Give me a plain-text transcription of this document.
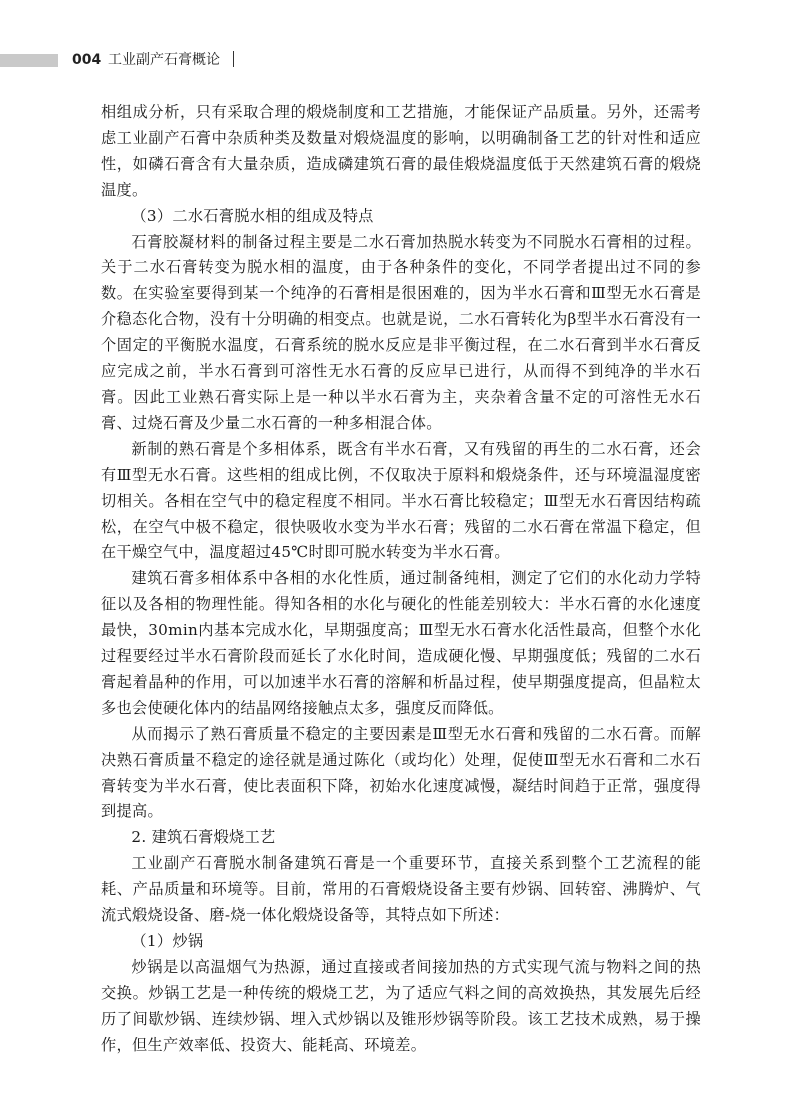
004 工业副产石膏概论

相组成分析，只有采取合理的煅烧制度和工艺措施，才能保证产品质量。另外，还需考虑工业副产石膏中杂质种类及数量对煅烧温度的影响，以明确制备工艺的针对性和适应性，如磷石膏含有大量杂质，造成磷建筑石膏的最佳煅烧温度低于天然建筑石膏的煅烧温度。

（3）二水石膏脱水相的组成及特点

石膏胶凝材料的制备过程主要是二水石膏加热脱水转变为不同脱水石膏相的过程。关于二水石膏转变为脱水相的温度，由于各种条件的变化，不同学者提出过不同的参数。在实验室要得到某一个纯净的石膏相是很困难的，因为半水石膏和Ⅲ型无水石膏是介稳态化合物，没有十分明确的相变点。也就是说，二水石膏转化为β型半水石膏没有一个固定的平衡脱水温度，石膏系统的脱水反应是非平衡过程，在二水石膏到半水石膏反应完成之前，半水石膏到可溶性无水石膏的反应早已进行，从而得不到纯净的半水石膏。因此工业熟石膏实际上是一种以半水石膏为主，夹杂着含量不定的可溶性无水石膏、过烧石膏及少量二水石膏的一种多相混合体。

新制的熟石膏是个多相体系，既含有半水石膏，又有残留的再生的二水石膏，还会有Ⅲ型无水石膏。这些相的组成比例，不仅取决于原料和煅烧条件，还与环境温湿度密切相关。各相在空气中的稳定程度不相同。半水石膏比较稳定；Ⅲ型无水石膏因结构疏松，在空气中极不稳定，很快吸收水变为半水石膏；残留的二水石膏在常温下稳定，但在干燥空气中，温度超过45℃时即可脱水转变为半水石膏。

建筑石膏多相体系中各相的水化性质，通过制备纯相，测定了它们的水化动力学特征以及各相的物理性能。得知各相的水化与硬化的性能差别较大：半水石膏的水化速度最快，30min内基本完成水化，早期强度高；Ⅲ型无水石膏水化活性最高，但整个水化过程要经过半水石膏阶段而延长了水化时间，造成硬化慢、早期强度低；残留的二水石膏起着晶种的作用，可以加速半水石膏的溶解和析晶过程，使早期强度提高，但晶粒太多也会使硬化体内的结晶网络接触点太多，强度反而降低。

从而揭示了熟石膏质量不稳定的主要因素是Ⅲ型无水石膏和残留的二水石膏。而解决熟石膏质量不稳定的途径就是通过陈化（或均化）处理，促使Ⅲ型无水石膏和二水石膏转变为半水石膏，使比表面积下降，初始水化速度减慢，凝结时间趋于正常，强度得到提高。

2. 建筑石膏煅烧工艺

工业副产石膏脱水制备建筑石膏是一个重要环节，直接关系到整个工艺流程的能耗、产品质量和环境等。目前，常用的石膏煅烧设备主要有炒锅、回转窑、沸腾炉、气流式煅烧设备、磨-烧一体化煅烧设备等，其特点如下所述：

（1）炒锅

炒锅是以高温烟气为热源，通过直接或者间接加热的方式实现气流与物料之间的热交换。炒锅工艺是一种传统的煅烧工艺，为了适应气料之间的高效换热，其发展先后经历了间歇炒锅、连续炒锅、埋入式炒锅以及锥形炒锅等阶段。该工艺技术成熟，易于操作，但生产效率低、投资大、能耗高、环境差。
